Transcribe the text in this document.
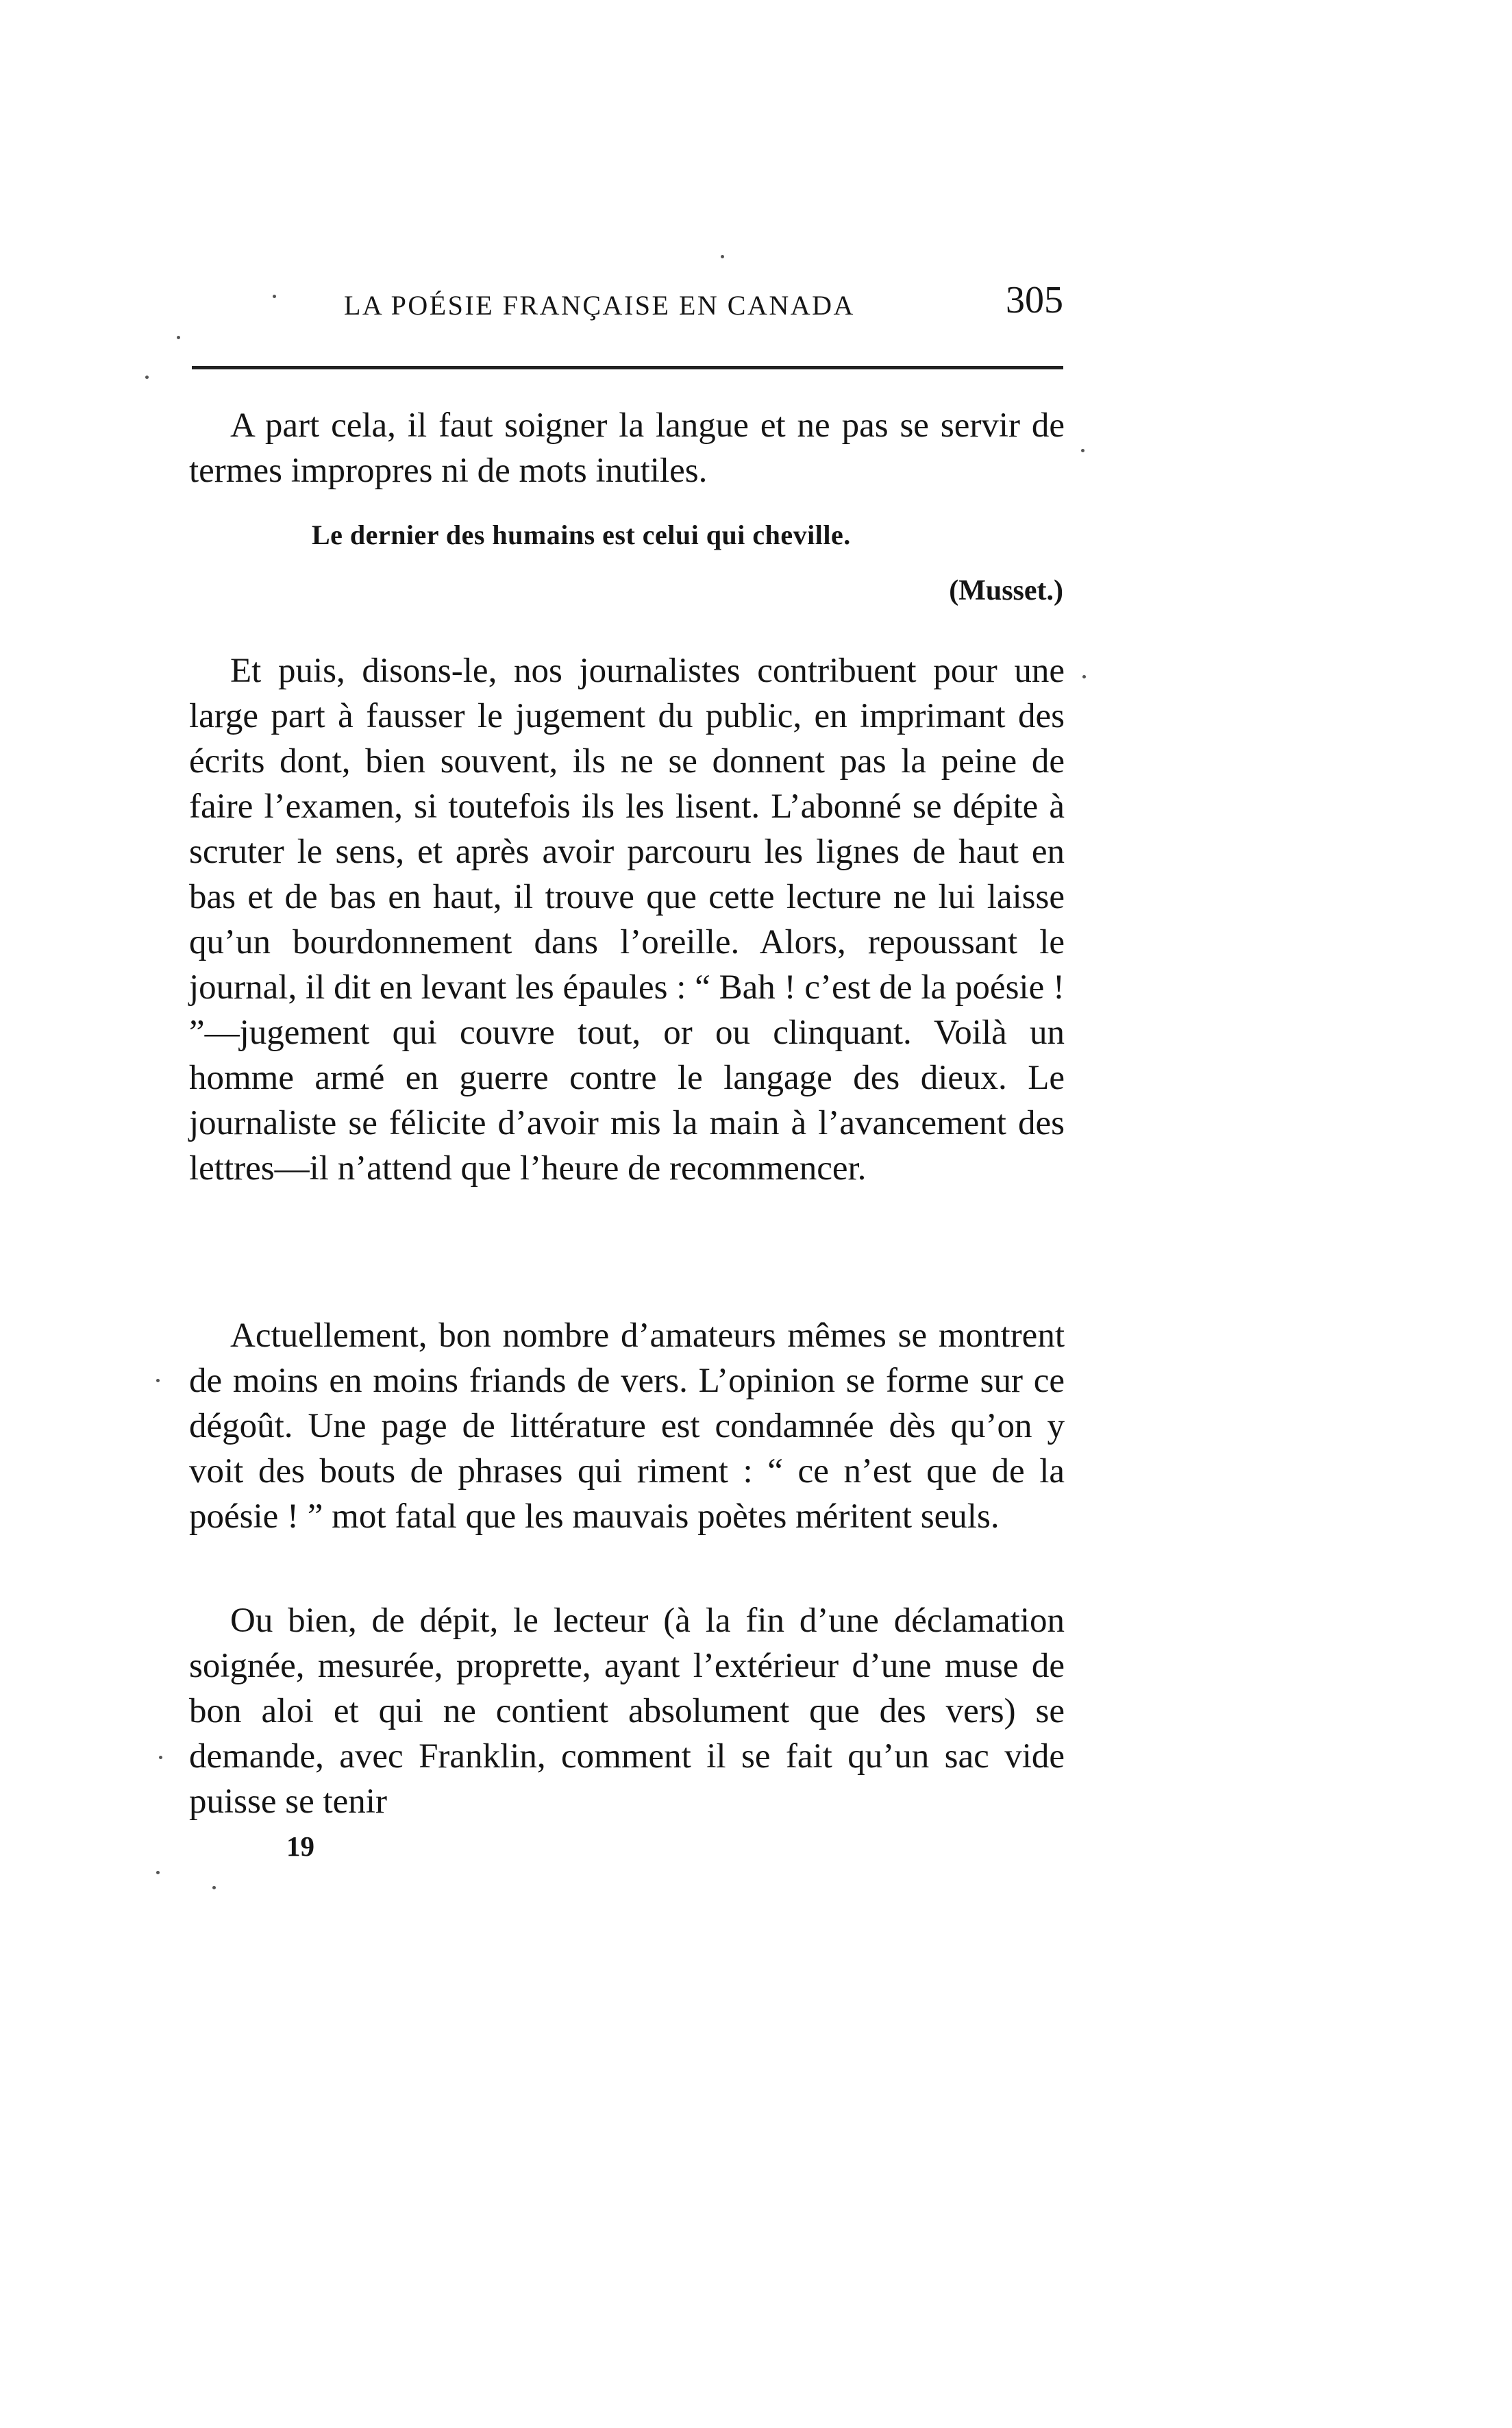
LA POÉSIE FRANÇAISE EN CANADA	305

A part cela, il faut soigner la langue et ne pas se servir de termes impropres ni de mots inutiles.

Le dernier des humains est celui qui cheville.
(Musset.)

Et puis, disons-le, nos journalistes contribuent pour une large part à fausser le jugement du public, en imprimant des écrits dont, bien souvent, ils ne se donnent pas la peine de faire l’examen, si toutefois ils les lisent. L’abonné se dépite à scruter le sens, et après avoir parcouru les lignes de haut en bas et de bas en haut, il trouve que cette lecture ne lui laisse qu’un bourdonnement dans l’oreille. Alors, repoussant le journal, il dit en levant les épaules : “ Bah ! c’est de la poésie ! ”—jugement qui couvre tout, or ou clinquant. Voilà un homme armé en guerre contre le langage des dieux. Le journaliste se félicite d’avoir mis la main à l’avancement des lettres—il n’attend que l’heure de recommencer.

Actuellement, bon nombre d’amateurs mêmes se montrent de moins en moins friands de vers. L’opinion se forme sur ce dégoût. Une page de littérature est condamnée dès qu’on y voit des bouts de phrases qui riment : “ ce n’est que de la poésie ! ” mot fatal que les mauvais poètes méritent seuls.

Ou bien, de dépit, le lecteur (à la fin d’une déclamation soignée, mesurée, proprette, ayant l’extérieur d’une muse de bon aloi et qui ne contient absolument que des vers) se demande, avec Franklin, comment il se fait qu’un sac vide puisse se tenir

19
